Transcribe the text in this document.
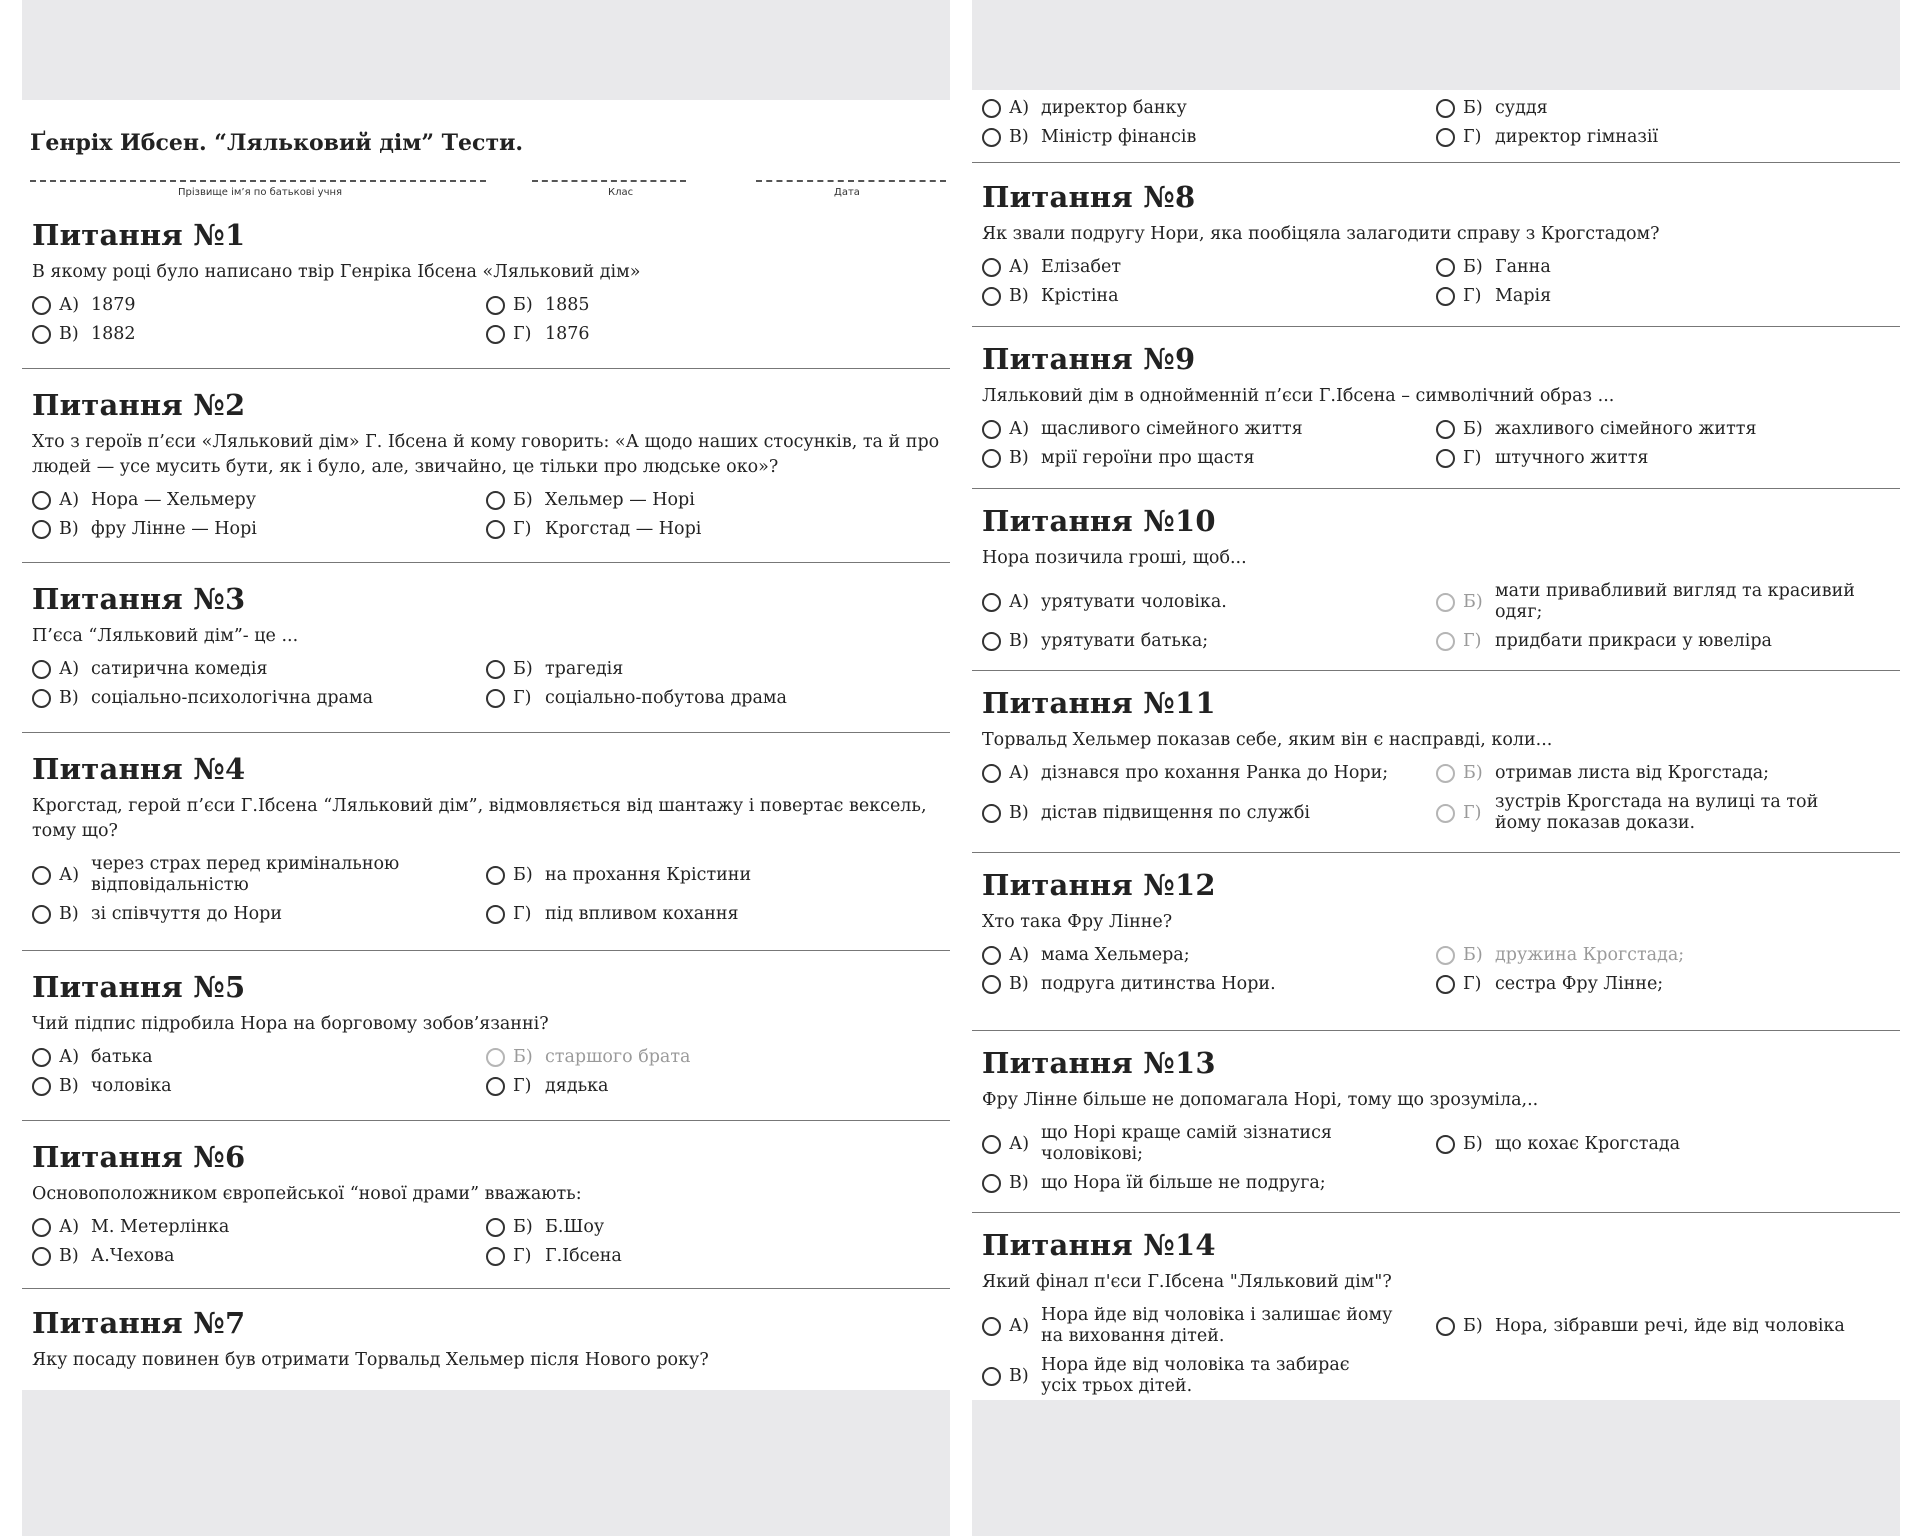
Ґенріх Ибсен. “Ляльковий дім” Тести.
Прізвище ім’я по батькові учня	Клас	Дата
Питання №1
В якому році було написано твір Генріка Ібсена «Ляльковий дім»
А) 1879	Б) 1885
В) 1882	Г) 1876
Питання №2
Хто з героїв п’єси «Ляльковий дім» Г. Ібсена й кому говорить: «А щодо наших стосунків, та й про людей — усе мусить бути, як і було, але, звичайно, це тільки про людське око»?
А) Нора — Хельмеру	Б) Хельмер — Норі
В) фру Лінне — Норі	Г) Крогстад — Норі
Питання №3
П’єса “Ляльковий дім”- це ...
А) сатирична комедія	Б) трагедія
В) соціально-психологічна драма	Г) соціально-побутова драма
Питання №4
Крогстад, герой п’єси Г.Ібсена “Ляльковий дім”, відмовляється від шантажу і повертає вексель, тому що?
А)
через страх перед кримінальною відповідальністю
Б) на прохання Крістини
В) зі співчуття до Нори	Г) під впливом кохання
Питання №5
Чий підпис підробила Нора на борговому зобов’язанні?
А) батька	Б) старшого брата
В) чоловіка	Г) дядька
Питання №6
Основоположником європейської “нової драми” вважають:
А) М. Метерлінка	Б) Б.Шоу
В) А.Чехова	Г) Г.Ібсена
Питання №7
Яку посаду повинен був отримати Торвальд Хельмер після Нового року?
А) директор банку	Б) суддя
В) Міністр фінансів	Г) директор гімназії
Питання №8
Як звали подругу Нори, яка пообіцяла залагодити справу з Крогстадом?
А) Елізабет	Б) Ганна
В) Крістіна	Г) Марія
Питання №9
Ляльковий дім в однойменній п’єси Г.Ібсена – символічний образ ...
А) щасливого сімейного життя	Б) жахливого сімейного життя
В) мрії героїни про щастя	Г) штучного життя
Питання №10
Нора позичила гроші, щоб...
А) урятувати чоловіка.	Б)
мати привабливий вигляд та красивий одяг;
В) урятувати батька;	Г) придбати прикраси у ювеліра
Питання №11
Торвальд Хельмер показав себе, яким він є насправді, коли...
А) дізнався про кохання Ранка до Нори;	Б) отримав листа від Крогстада;
В) дістав підвищення по службі	Г)
зустрів Крогстада на вулиці та той йому показав докази.
Питання №12
Хто така Фру Лінне?
А) мама Хельмера;	Б) дружина Крогстада;
В) подруга дитинства Нори.	Г) сестра Фру Лінне;
Питання №13
Фру Лінне більше не допомагала Норі, тому що зрозуміла,..
А)
що Норі краще самій зізнатися чоловікові;
Б) що кохає Крогстада
В) що Нора їй більше не подруга;
Питання №14
Який фінал п'єси Г.Ібсена "Ляльковий дім"?
А)
Нора йде від чоловіка і залишає йому на виховання дітей.
Б) Нора, зібравши речі, йде від чоловіка
В)
Нора йде від чоловіка та забирає усіх трьох дітей.
